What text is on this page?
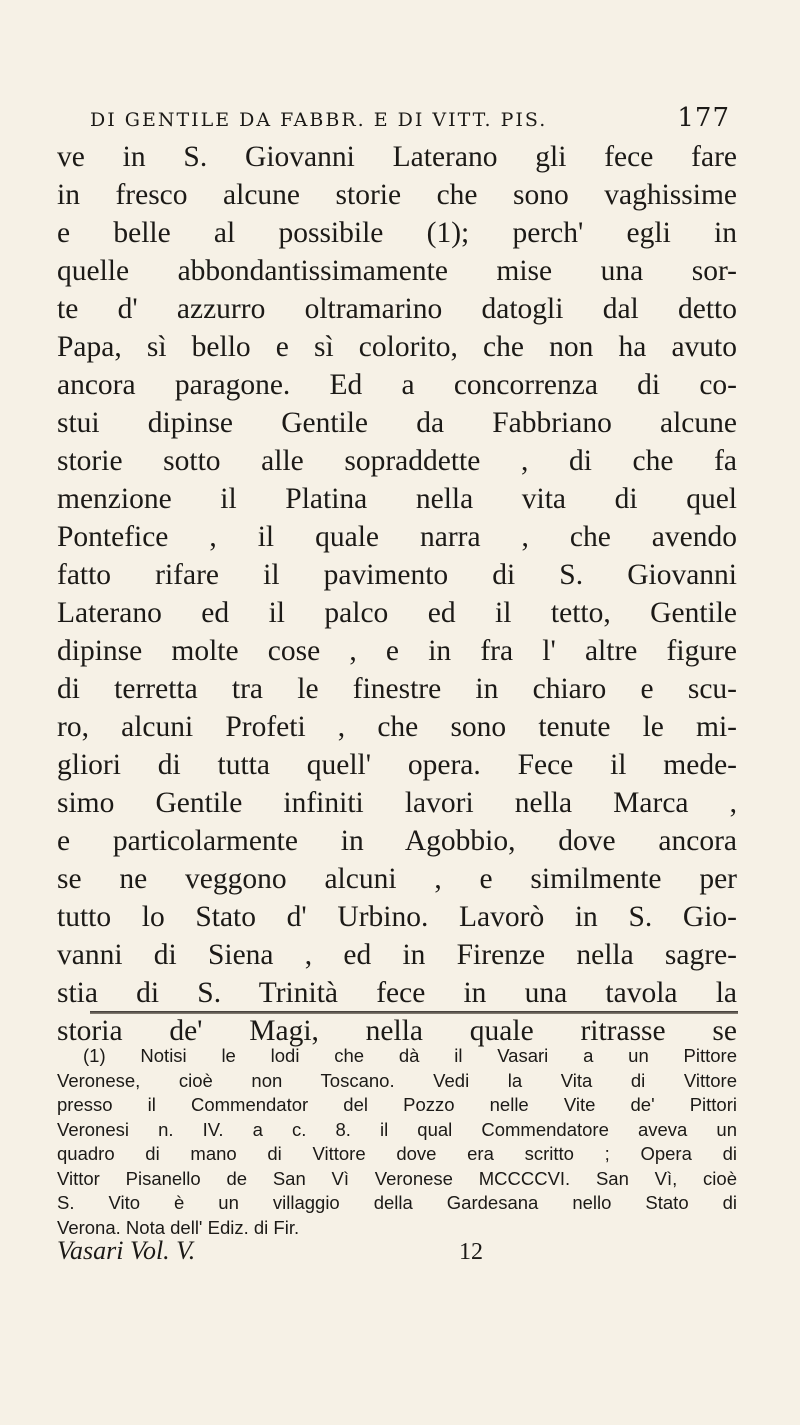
DI GENTILE DA FABBR. E DI VITT. PIS.	177
ve in S. Giovanni Laterano gli fece fare
in fresco alcune storie che sono vaghissime
e belle al possibile (1); perch' egli in
quelle abbondantissimamente mise una sor-
te d' azzurro oltramarino datogli dal detto
Papa, sì bello e sì colorito, che non ha avuto
ancora paragone. Ed a concorrenza di co-
stui dipinse Gentile da Fabbriano alcune
storie sotto alle sopraddette , di che fa
menzione il Platina nella vita di quel
Pontefice , il quale narra , che avendo
fatto rifare il pavimento di S. Giovanni
Laterano ed il palco ed il tetto, Gentile
dipinse molte cose , e in fra l' altre figure
di terretta tra le finestre in chiaro e scu-
ro, alcuni Profeti , che sono tenute le mi-
gliori di tutta quell' opera. Fece il mede-
simo Gentile infiniti lavori nella Marca ,
e particolarmente in Agobbio, dove ancora
se ne veggono alcuni , e similmente per
tutto lo Stato d' Urbino. Lavorò in S. Gio-
vanni di Siena , ed in Firenze nella sagre-
stia di S. Trinità fece in una tavola la
storia de' Magi, nella quale ritrasse se
(1) Notisi le lodi che dà il Vasari a un Pittore
Veronese, cioè non Toscano. Vedi la Vita di Vittore
presso il Commendator del Pozzo nelle Vite de' Pittori
Veronesi n. IV. a c. 8. il qual Commendatore aveva un
quadro di mano di Vittore dove era scritto ; Opera di
Vittor Pisanello de San Vì Veronese MCCCCVI. San Vì, cioè
S. Vito è un villaggio della Gardesana nello Stato di
Verona. Nota dell' Ediz. di Fir.
Vasari Vol. V.	12
